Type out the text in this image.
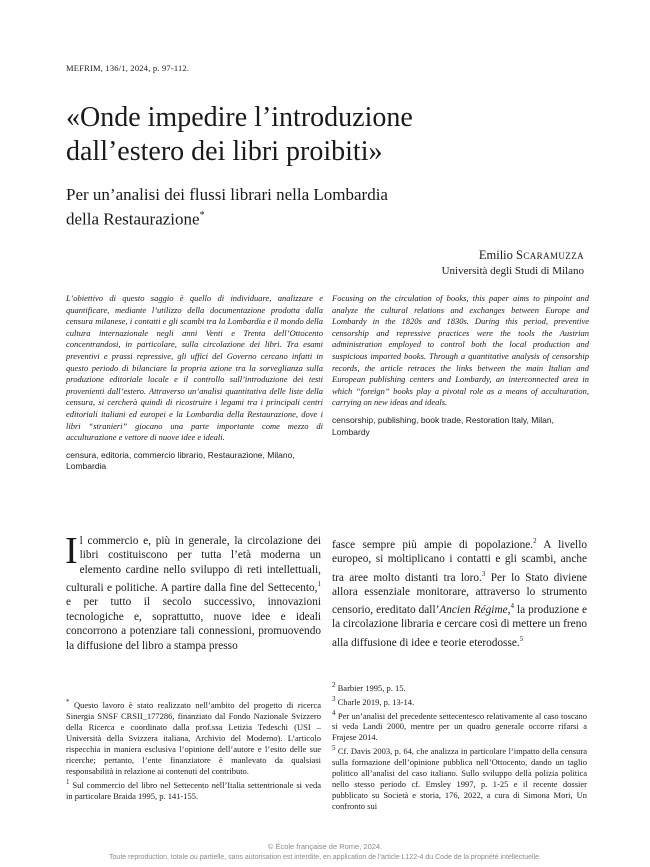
MEFRIM, 136/1, 2024, p. 97-112.
«Onde impedire l’introduzione
dall’estero dei libri proibiti»
Per un’analisi dei flussi librari nella Lombardia
della Restaurazione*
Emilio Scaramuzza
Università degli Studi di Milano
L’obiettivo di questo saggio è quello di individuare, analizzare e quantificare, mediante l’utilizzo della documentazione prodotta dalla censura milanese, i contatti e gli scambi tra la Lombardia e il mondo della cultura internazionale negli anni Venti e Trenta dell’Ottocento concentrandosi, in particolare, sulla circolazione dei libri. Tra esami preventivi e prassi repressive, gli uffici del Governo cercano infatti in questo periodo di bilanciare la propria azione tra la sorveglianza sulla produzione editoriale locale e il controllo sull’introduzione dei testi provenienti dall’estero. Attraverso un’analisi quantitativa delle liste della censura, si cercherà quindi di ricostruire i legami tra i principali centri editoriali italiani ed europei e la Lombardia della Restaurazione, dove i libri “stranieri” giocano una parte importante come mezzo di acculturazione e vettore di nuove idee e ideali.
censura, editoria, commercio librario, Restaurazione, Milano, Lombardia
Focusing on the circulation of books, this paper aims to pinpoint and analyze the cultural relations and exchanges between Europe and Lombardy in the 1820s and 1830s. During this period, preventive censorship and repressive practices were the tools the Austrian administration employed to control both the local production and suspicious imported books. Through a quantitative analysis of censorship records, the article retraces the links between the main Italian and European publishing centers and Lombardy, an interconnected area in which “foreign” books play a pivotal role as a means of acculturation, carrying on new ideas and ideals.
censorship, publishing, book trade, Restoration Italy, Milan, Lombardy
Il commercio e, più in generale, la circolazione dei libri costituiscono per tutta l’età moderna un elemento cardine nello sviluppo di reti intellettuali, culturali e politiche. A partire dalla fine del Settecento,$^1$ e per tutto il secolo successivo, innovazioni tecnologiche e, soprattutto, nuove idee e ideali concorrono a potenziare tali connessioni, promuovendo la diffusione del libro a stampa presso
fasce sempre più ampie di popolazione.$^2$ A livello europeo, si moltiplicano i contatti e gli scambi, anche tra aree molto distanti tra loro.$^3$ Per lo Stato diviene allora essenziale monitorare, attraverso lo strumento censorio, ereditato dall’Ancien Régime,$^4$ la produzione e la circolazione libraria e cercare così di mettere un freno alla diffusione di idee e teorie eterodosse.$^5$

* Questo lavoro è stato realizzato nell’ambito del progetto di ricerca Sinergia SNSF CRSII_177286, finanziato dal Fondo Nazionale Svizzero della Ricerca e coordinato dalla prof.ssa Letizia Tedeschi (USI – Università della Svizzera italiana, Archivio del Moderno). L’articolo rispecchia in maniera esclusiva l’opinione dell’autore e l’esito delle sue ricerche; pertanto, l’ente finanziatore è manlevato da qualsiasi responsabilità in relazione ai contenuti del contributo.

$^1$ Sul commercio del libro nel Settecento nell’Italia settentrionale si veda in particolare Braida 1995, p. 141-155.

$^2$ Barbier 1995, p. 15.

$^3$ Charle 2019, p. 13-14.

$^4$ Per un’analisi del precedente settecentesco relativamente al caso toscano si veda Landi 2000, mentre per un quadro generale occorre rifarsi a Frajese 2014.

$^5$ Cf. Davis 2003, p. 64, che analizza in particolare l’impatto della censura sulla formazione dell’opinione pubblica nell’Ottocento, dando un taglio politico all’analisi del caso italiano. Sullo sviluppo della polizia politica nello stesso periodo cf. Emsley 1997, p. 1-25 e il recente dossier pubblicato su Società e storia, 176, 2022, a cura di Simona Mori, Un confronto sui

© École française de Rome, 2024.
Toute reproduction, totale ou partielle, sans autorisation est interdite, en application de l’article L122-4 du Code de la propriété intellectuelle.
